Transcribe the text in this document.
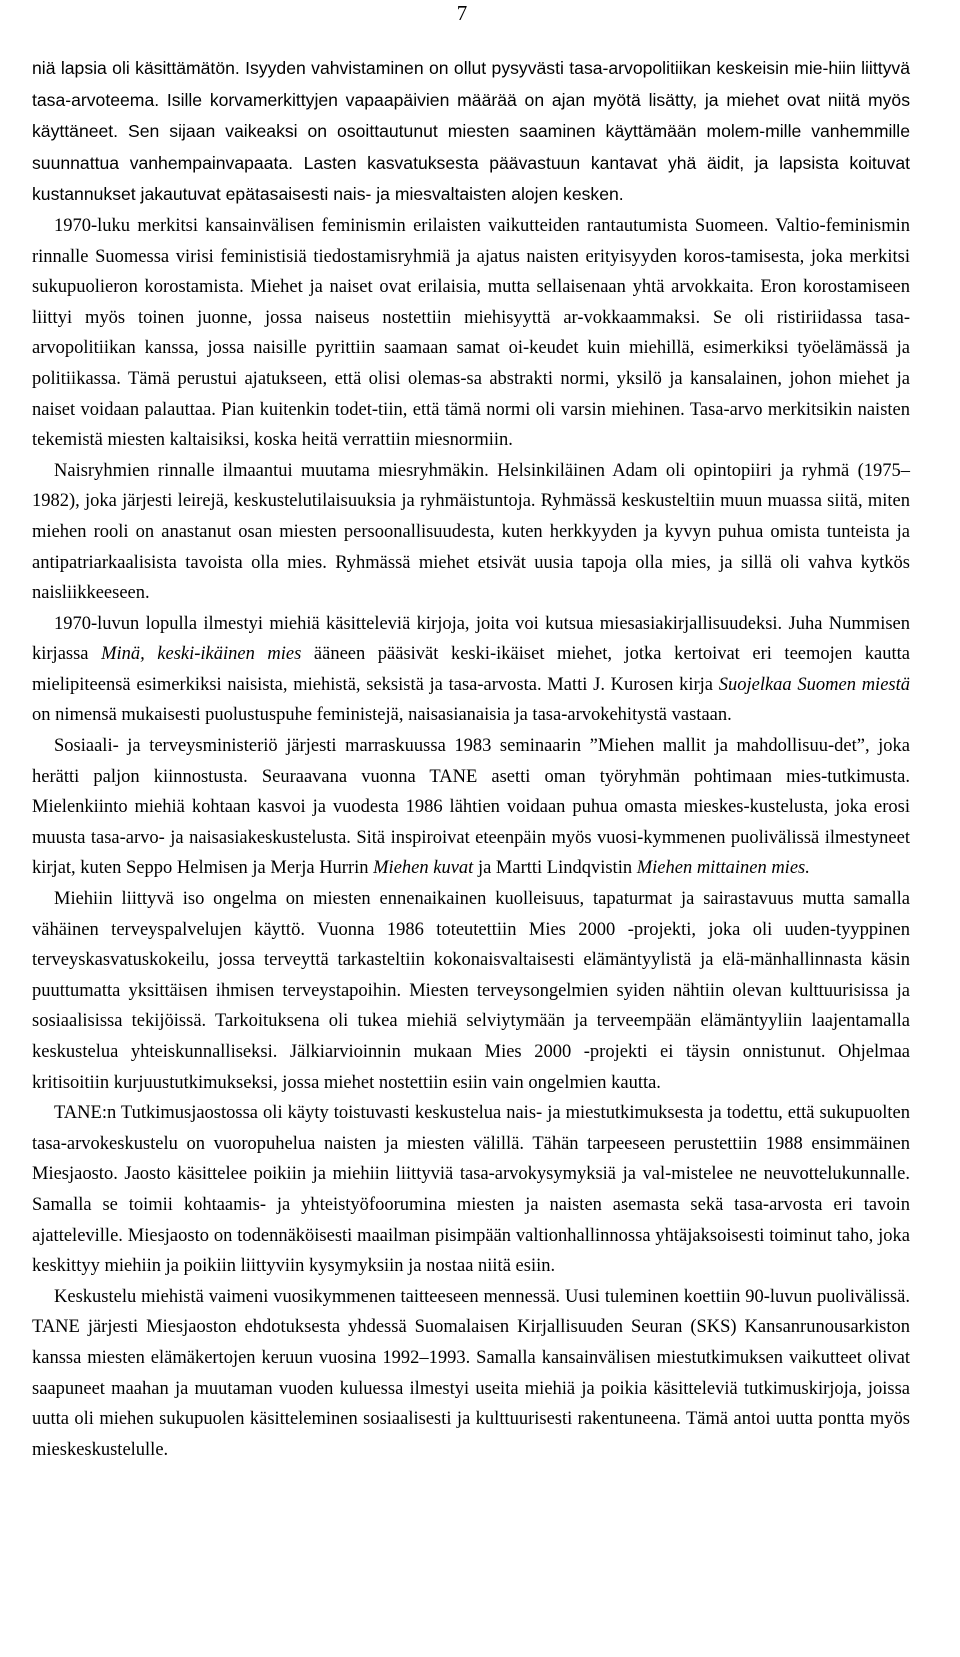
7

niä lapsia oli käsittämätön. Isyyden vahvistaminen on ollut pysyvästi tasa-arvopolitiikan keskeisin mie-hiin liittyvä tasa-arvoteema. Isille korvamerkittyjen vapaapäivien määrää on ajan myötä lisätty, ja miehet ovat niitä myös käyttäneet. Sen sijaan vaikeaksi on osoittautunut miesten saaminen käyttämään molem-mille vanhemmille suunnattua vanhempainvapaata. Lasten kasvatuksesta päävastuun kantavat yhä äidit, ja lapsista koituvat kustannukset jakautuvat epätasaisesti nais- ja miesvaltaisten alojen kesken.

1970-luku merkitsi kansainvälisen feminismin erilaisten vaikutteiden rantautumista Suomeen. Valtio-feminismin rinnalle Suomessa virisi feministisiä tiedostamisryhmiä ja ajatus naisten erityisyyden koros-tamisesta, joka merkitsi sukupuolieron korostamista. Miehet ja naiset ovat erilaisia, mutta sellaisenaan yhtä arvokkaita. Eron korostamiseen liittyi myös toinen juonne, jossa naiseus nostettiin miehisyyttä ar-vokkaammaksi. Se oli ristiriidassa tasa-arvopolitiikan kanssa, jossa naisille pyrittiin saamaan samat oi-keudet kuin miehillä, esimerkiksi työelämässä ja politiikassa. Tämä perustui ajatukseen, että olisi olemas-sa abstrakti normi, yksilö ja kansalainen, johon miehet ja naiset voidaan palauttaa. Pian kuitenkin todet-tiin, että tämä normi oli varsin miehinen. Tasa-arvo merkitsikin naisten tekemistä miesten kaltaisiksi, koska heitä verrattiin miesnormiin.

Naisryhmien rinnalle ilmaantui muutama miesryhmäkin. Helsinkiläinen Adam oli opintopiiri ja ryhmä (1975–1982), joka järjesti leirejä, keskustelutilaisuuksia ja ryhmäistuntoja. Ryhmässä keskusteltiin muun muassa siitä, miten miehen rooli on anastanut osan miesten persoonallisuudesta, kuten herkkyyden ja kyvyn puhua omista tunteista ja antipatriarkaalisista tavoista olla mies. Ryhmässä miehet etsivät uusia tapoja olla mies, ja sillä oli vahva kytkös naisliikkeeseen.

1970-luvun lopulla ilmestyi miehiä käsitteleviä kirjoja, joita voi kutsua miesasiakirjallisuudeksi. Juha Nummisen kirjassa Minä, keski-ikäinen mies ääneen pääsivät keski-ikäiset miehet, jotka kertoivat eri teemojen kautta mielipiteensä esimerkiksi naisista, miehistä, seksistä ja tasa-arvosta. Matti J. Kurosen kirja Suojelkaa Suomen miestä on nimensä mukaisesti puolustuspuhe feministejä, naisasianaisia ja tasa-arvokehitystä vastaan.

Sosiaali- ja terveysministeriö järjesti marraskuussa 1983 seminaarin ”Miehen mallit ja mahdollisuu-det”, joka herätti paljon kiinnostusta. Seuraavana vuonna TANE asetti oman työryhmän pohtimaan mies-tutkimusta. Mielenkiinto miehiä kohtaan kasvoi ja vuodesta 1986 lähtien voidaan puhua omasta mieskes-kustelusta, joka erosi muusta tasa-arvo- ja naisasiakeskustelusta. Sitä inspiroivat eteenpäin myös vuosi-kymmenen puolivälissä ilmestyneet kirjat, kuten Seppo Helmisen ja Merja Hurrin Miehen kuvat ja Martti Lindqvistin Miehen mittainen mies.

Miehiin liittyvä iso ongelma on miesten ennenaikainen kuolleisuus, tapaturmat ja sairastavuus mutta samalla vähäinen terveyspalvelujen käyttö. Vuonna 1986 toteutettiin Mies 2000 -projekti, joka oli uuden-tyyppinen terveyskasvatuskokeilu, jossa terveyttä tarkasteltiin kokonaisvaltaisesti elämäntyylistä ja elä-mänhallinnasta käsin puuttumatta yksittäisen ihmisen terveystapoihin. Miesten terveysongelmien syiden nähtiin olevan kulttuurisissa ja sosiaalisissa tekijöissä. Tarkoituksena oli tukea miehiä selviytymään ja terveempään elämäntyyliin laajentamalla keskustelua yhteiskunnalliseksi. Jälkiarvioinnin mukaan Mies 2000 -projekti ei täysin onnistunut. Ohjelmaa kritisoitiin kurjuustutkimukseksi, jossa miehet nostettiin esiin vain ongelmien kautta.

TANE:n Tutkimusjaostossa oli käyty toistuvasti keskustelua nais- ja miestutkimuksesta ja todettu, että sukupuolten tasa-arvokeskustelu on vuoropuhelua naisten ja miesten välillä. Tähän tarpeeseen perustettiin 1988 ensimmäinen Miesjaosto. Jaosto käsittelee poikiin ja miehiin liittyviä tasa-arvokysymyksiä ja val-mistelee ne neuvottelukunnalle. Samalla se toimii kohtaamis- ja yhteistyöfoorumina miesten ja naisten asemasta sekä tasa-arvosta eri tavoin ajatteleville. Miesjaosto on todennäköisesti maailman pisimpään valtionhallinnossa yhtäjaksoisesti toiminut taho, joka keskittyy miehiin ja poikiin liittyviin kysymyksiin ja nostaa niitä esiin.

Keskustelu miehistä vaimeni vuosikymmenen taitteeseen mennessä. Uusi tuleminen koettiin 90-luvun puolivälissä. TANE järjesti Miesjaoston ehdotuksesta yhdessä Suomalaisen Kirjallisuuden Seuran (SKS) Kansanrunousarkiston kanssa miesten elämäkertojen keruun vuosina 1992–1993. Samalla kansainvälisen miestutkimuksen vaikutteet olivat saapuneet maahan ja muutaman vuoden kuluessa ilmestyi useita miehiä ja poikia käsitteleviä tutkimuskirjoja, joissa uutta oli miehen sukupuolen käsitteleminen sosiaalisesti ja kulttuurisesti rakentuneena. Tämä antoi uutta pontta myös mieskeskustelulle.
